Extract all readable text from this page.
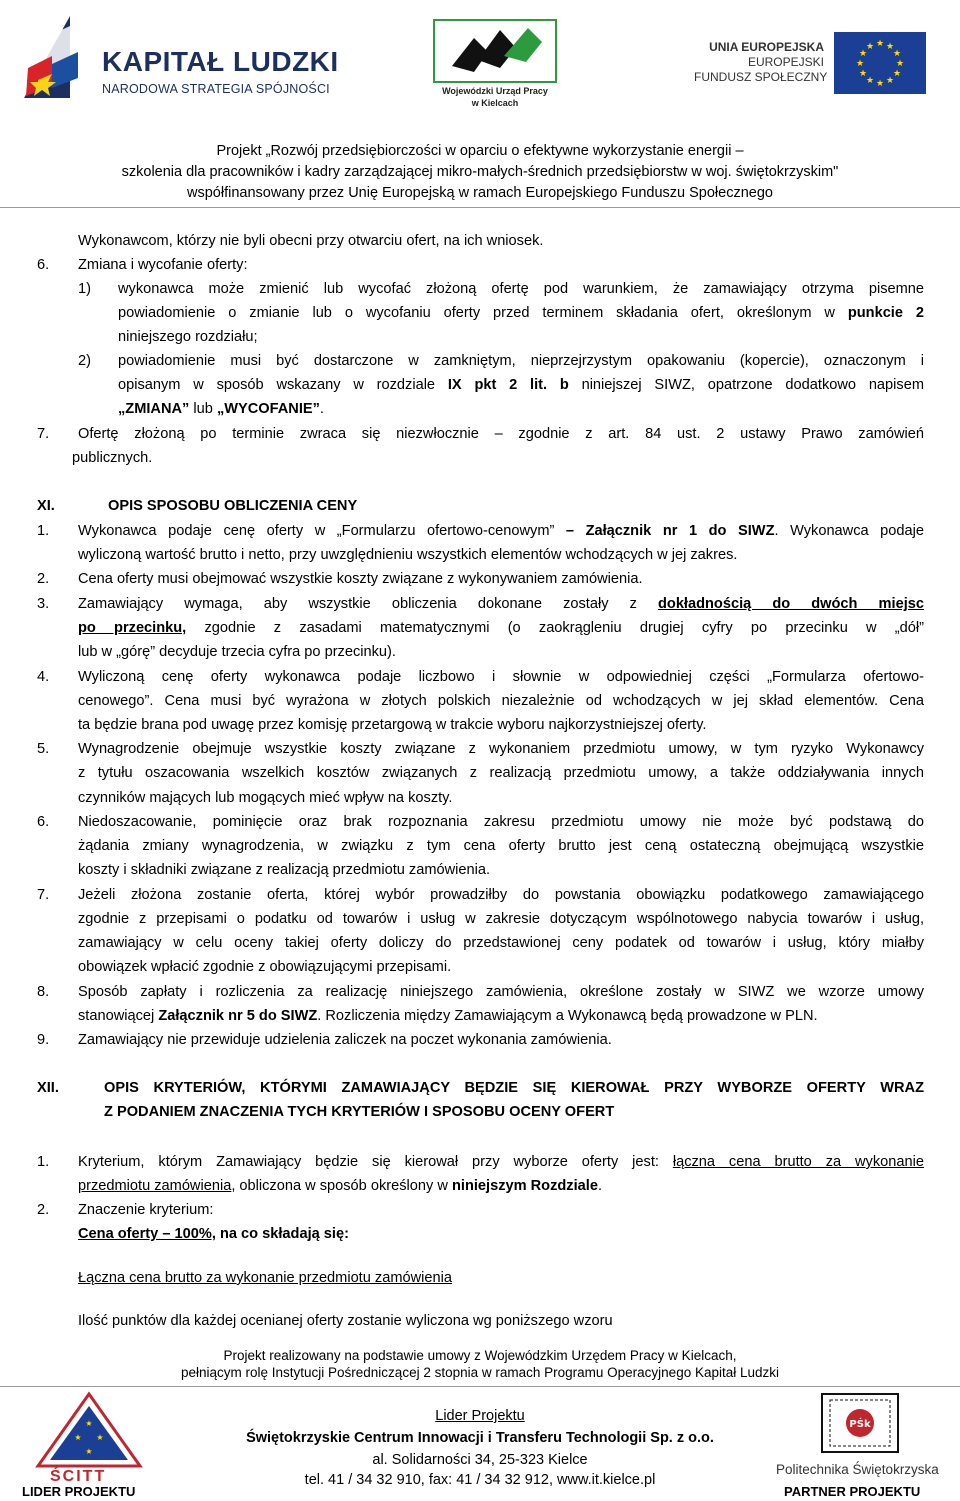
KAPITAŁ LUDZKI
NARODOWA STRATEGIA SPÓJNOŚCI	Wojewódzki Urząd Pracy
w Kielcach
UNIA EUROPEJSKA
EUROPEJSKI
FUNDUSZ SPOŁECZNY
★ ★
★
★
★
★
★
★
★
★
★
★
Projekt „Rozwój przedsiębiorczości w oparciu o efektywne wykorzystanie energii –
szkolenia dla pracowników i kadry zarządzającej mikro-małych-średnich przedsiębiorstw w woj. świętokrzyskim"
współfinansowany przez Unię Europejską w ramach Europejskiego Funduszu Społecznego
Wykonawcom, którzy nie byli obecni przy otwarciu ofert, na ich wniosek.
6. Zmiana i wycofanie oferty:
1) wykonawca może zmienić lub wycofać złożoną ofertę pod warunkiem, że zamawiający otrzyma pisemne
powiadomienie o zmianie lub o wycofaniu oferty przed terminem składania ofert, określonym w punkcie 2
niniejszego rozdziału;
2) powiadomienie musi być dostarczone w zamkniętym, nieprzejrzystym opakowaniu (kopercie), oznaczonym i
opisanym w sposób wskazany w rozdziale IX pkt 2 lit. b niniejszej SIWZ, opatrzone dodatkowo napisem
„ZMIANA” lub „WYCOFANIE”.
7. Ofertę złożoną po terminie zwraca się niezwłocznie – zgodnie z art. 84 ust. 2 ustawy Prawo zamówień
publicznych.
XI.	OPIS SPOSOBU OBLICZENIA CENY
1. Wykonawca podaje cenę oferty w „Formularzu ofertowo-cenowym” – Załącznik nr 1 do SIWZ. Wykonawca podaje
wyliczoną wartość brutto i netto, przy uwzględnieniu wszystkich elementów wchodzących w jej zakres.
2. Cena oferty musi obejmować wszystkie koszty związane z wykonywaniem zamówienia.
3. Zamawiający wymaga, aby wszystkie obliczenia dokonane zostały z dokładnością do dwóch miejsc
po przecinku, zgodnie z zasadami matematycznymi (o zaokrągleniu drugiej cyfry po przecinku w „dół”
lub w „górę” decyduje trzecia cyfra po przecinku).
4. Wyliczoną cenę oferty wykonawca podaje liczbowo i słownie w odpowiedniej części „Formularza ofertowo-
cenowego”. Cena musi być wyrażona w złotych polskich niezależnie od wchodzących w jej skład elementów. Cena
ta będzie brana pod uwagę przez komisję przetargową w trakcie wyboru najkorzystniejszej oferty.
5. Wynagrodzenie obejmuje wszystkie koszty związane z wykonaniem przedmiotu umowy, w tym ryzyko Wykonawcy
z tytułu oszacowania wszelkich kosztów związanych z realizacją przedmiotu umowy, a także oddziaływania innych
czynników mających lub mogących mieć wpływ na koszty.
6. Niedoszacowanie, pominięcie oraz brak rozpoznania zakresu przedmiotu umowy nie może być podstawą do
żądania zmiany wynagrodzenia, w związku z tym cena oferty brutto jest ceną ostateczną obejmującą wszystkie
koszty i składniki związane z realizacją przedmiotu zamówienia.
7. Jeżeli złożona zostanie oferta, której wybór prowadziłby do powstania obowiązku podatkowego zamawiającego
zgodnie z przepisami o podatku od towarów i usług w zakresie dotyczącym wspólnotowego nabycia towarów i usług,
zamawiający w celu oceny takiej oferty doliczy do przedstawionej ceny podatek od towarów i usług, który miałby
obowiązek wpłacić zgodnie z obowiązującymi przepisami.
8. Sposób zapłaty i rozliczenia za realizację niniejszego zamówienia, określone zostały w SIWZ we wzorze umowy
stanowiącej Załącznik nr 5 do SIWZ. Rozliczenia między Zamawiającym a Wykonawcą będą prowadzone w PLN.
9. Zamawiający nie przewiduje udzielenia zaliczek na poczet wykonania zamówienia.
XII.	OPIS KRYTERIÓW, KTÓRYMI ZAMAWIAJĄCY BĘDZIE SIĘ KIEROWAŁ PRZY WYBORZE OFERTY WRAZ
Z PODANIEM ZNACZENIA TYCH KRYTERIÓW I SPOSOBU OCENY OFERT
1. Kryterium, którym Zamawiający będzie się kierował przy wyborze oferty jest: łączna cena brutto za wykonanie
przedmiotu zamówienia, obliczona w sposób określony w niniejszym Rozdziale.
2. Znaczenie kryterium:
Cena oferty – 100%, na co składają się:
Łączna cena brutto za wykonanie przedmiotu zamówienia
Ilość punktów dla każdej ocenianej oferty zostanie wyliczona wg poniższego wzoru
Projekt realizowany na podstawie umowy z Wojewódzkim Urzędem Pracy w Kielcach,
pełniącym rolę Instytucji Pośredniczącej 2 stopnia w ramach Programu Operacyjnego Kapitał Ludzki
Lider Projektu
Świętokrzyskie Centrum Innowacji i Transferu Technologii Sp. z o.o.
al. Solidarności 34, 25-323 Kielce
tel. 41 / 34 32 910, fax: 41 / 34 32 912, www.it.kielce.pl
★
★ ★
★
ŚCITT
LIDER PROJEKTU
PŚk
Politechnika Świętokrzyska
PARTNER PROJEKTU
